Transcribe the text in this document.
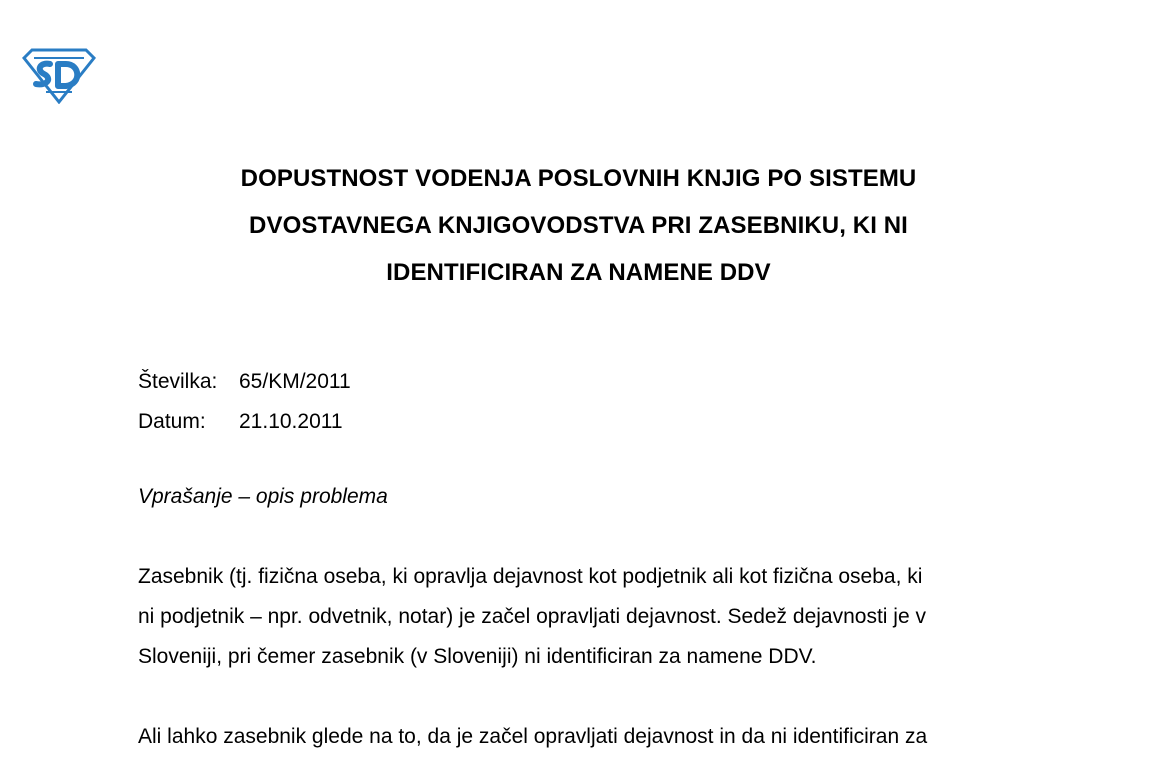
DOPUSTNOST VODENJA POSLOVNIH KNJIG PO SISTEMU
DVOSTAVNEGA KNJIGOVODSTVA PRI ZASEBNIKU, KI NI
IDENTIFICIRAN ZA NAMENE DDV
Številka:	65/KM/2011
Datum:	21.10.2011
Vprašanje – opis problema
Zasebnik (tj. fizična oseba, ki opravlja dejavnost kot podjetnik ali kot fizična oseba, ki
ni podjetnik – npr. odvetnik, notar) je začel opravljati dejavnost. Sedež dejavnosti je v
Sloveniji, pri čemer zasebnik (v Sloveniji) ni identificiran za namene DDV.
Ali lahko zasebnik glede na to, da je začel opravljati dejavnost in da ni identificiran za
